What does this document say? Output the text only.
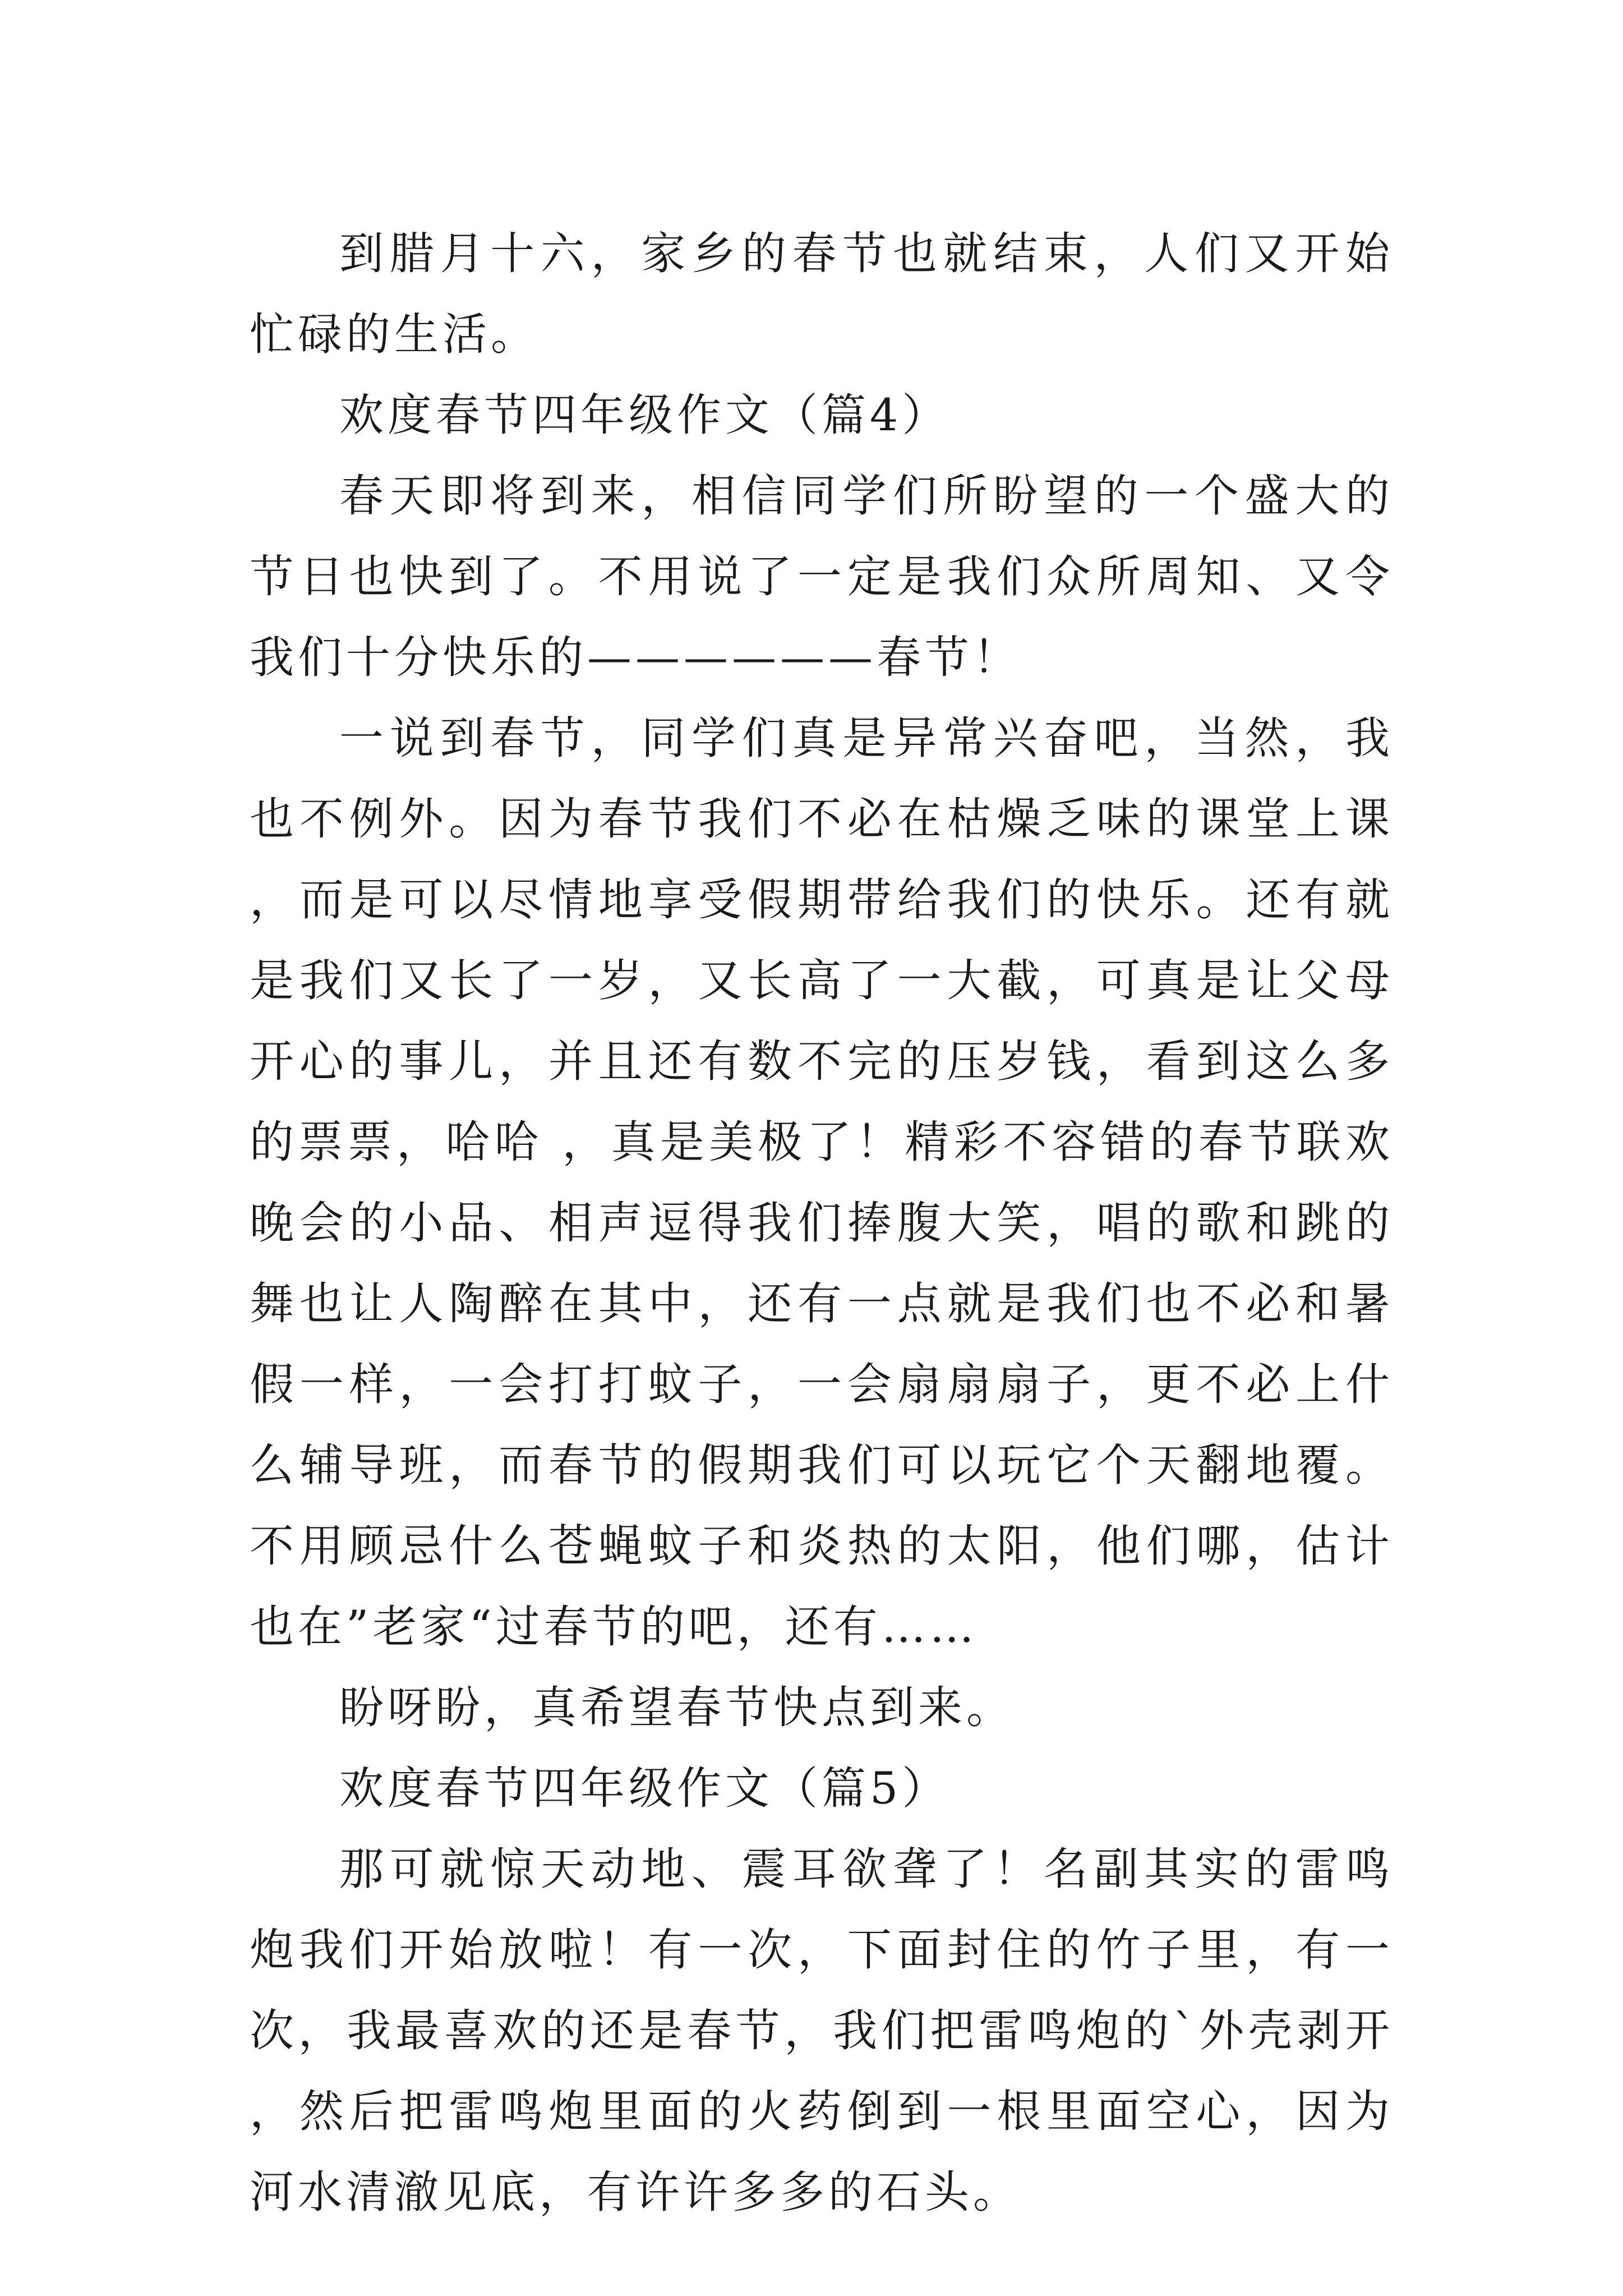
到腊月十六，家乡的春节也就结束，人们又开始忙碌的生活。

欢度春节四年级作文（篇4）

春天即将到来，相信同学们所盼望的一个盛大的节日也快到了。不用说了一定是我们众所周知、又令我们十分快乐的——————春节！

一说到春节，同学们真是异常兴奋吧，当然，我也不例外。因为春节我们不必在枯燥乏味的课堂上课，而是可以尽情地享受假期带给我们的快乐。还有就是我们又长了一岁，又长高了一大截，可真是让父母开心的事儿，并且还有数不完的压岁钱，看到这么多的票票，哈哈 ，真是美极了！精彩不容错的春节联欢晚会的小品、相声逗得我们捧腹大笑，唱的歌和跳的舞也让人陶醉在其中，还有一点就是我们也不必和暑假一样，一会打打蚊子，一会扇扇扇子，更不必上什么辅导班，而春节的假期我们可以玩它个天翻地覆。不用顾忌什么苍蝇蚊子和炎热的太阳，他们哪，估计也在”老家“过春节的吧，还有……

盼呀盼，真希望春节快点到来。

欢度春节四年级作文（篇5）

那可就惊天动地、震耳欲聋了！名副其实的雷鸣炮我们开始放啦！有一次，下面封住的竹子里，有一次，我最喜欢的还是春节，我们把雷鸣炮的`外壳剥开，然后把雷鸣炮里面的火药倒到一根里面空心，因为河水清澈见底，有许许多多的石头。
